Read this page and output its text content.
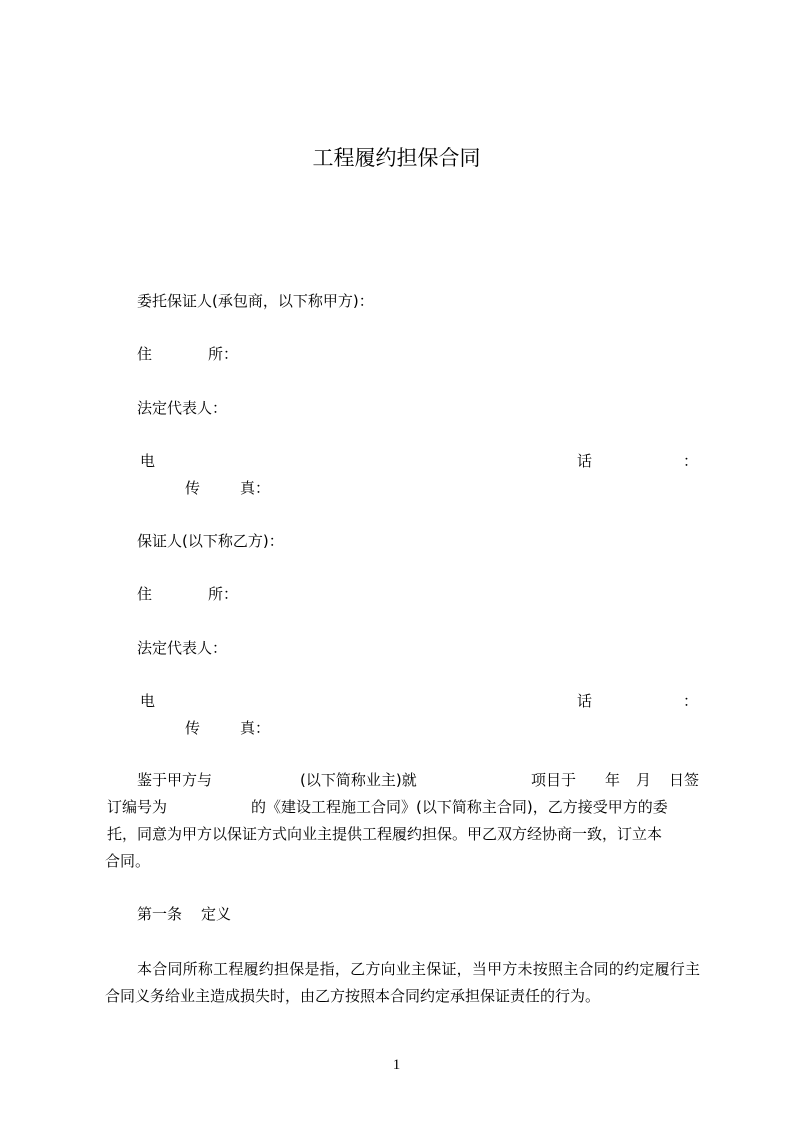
工程履约担保合同
委托保证人(承包商，以下称甲方)：
住	所：
法定代表人：
电	话	：
传	真：
保证人(以下称乙方)：
住	所：
法定代表人：
电	话	：
传	真：
鉴于甲方与	(以下简称业主)就	项目于 年 月 日签
订编号为	的《建设工程施工合同》(以下简称主合同)，乙方接受甲方的委
托，同意为甲方以保证方式向业主提供工程履约担保。甲乙双方经协商一致，订立本
合同。
第一条 定义
本合同所称工程履约担保是指，乙方向业主保证，当甲方未按照主合同的约定履行主合同义务给业主造成损失时，由乙方按照本合同约定承担保证责任的行为。
1
